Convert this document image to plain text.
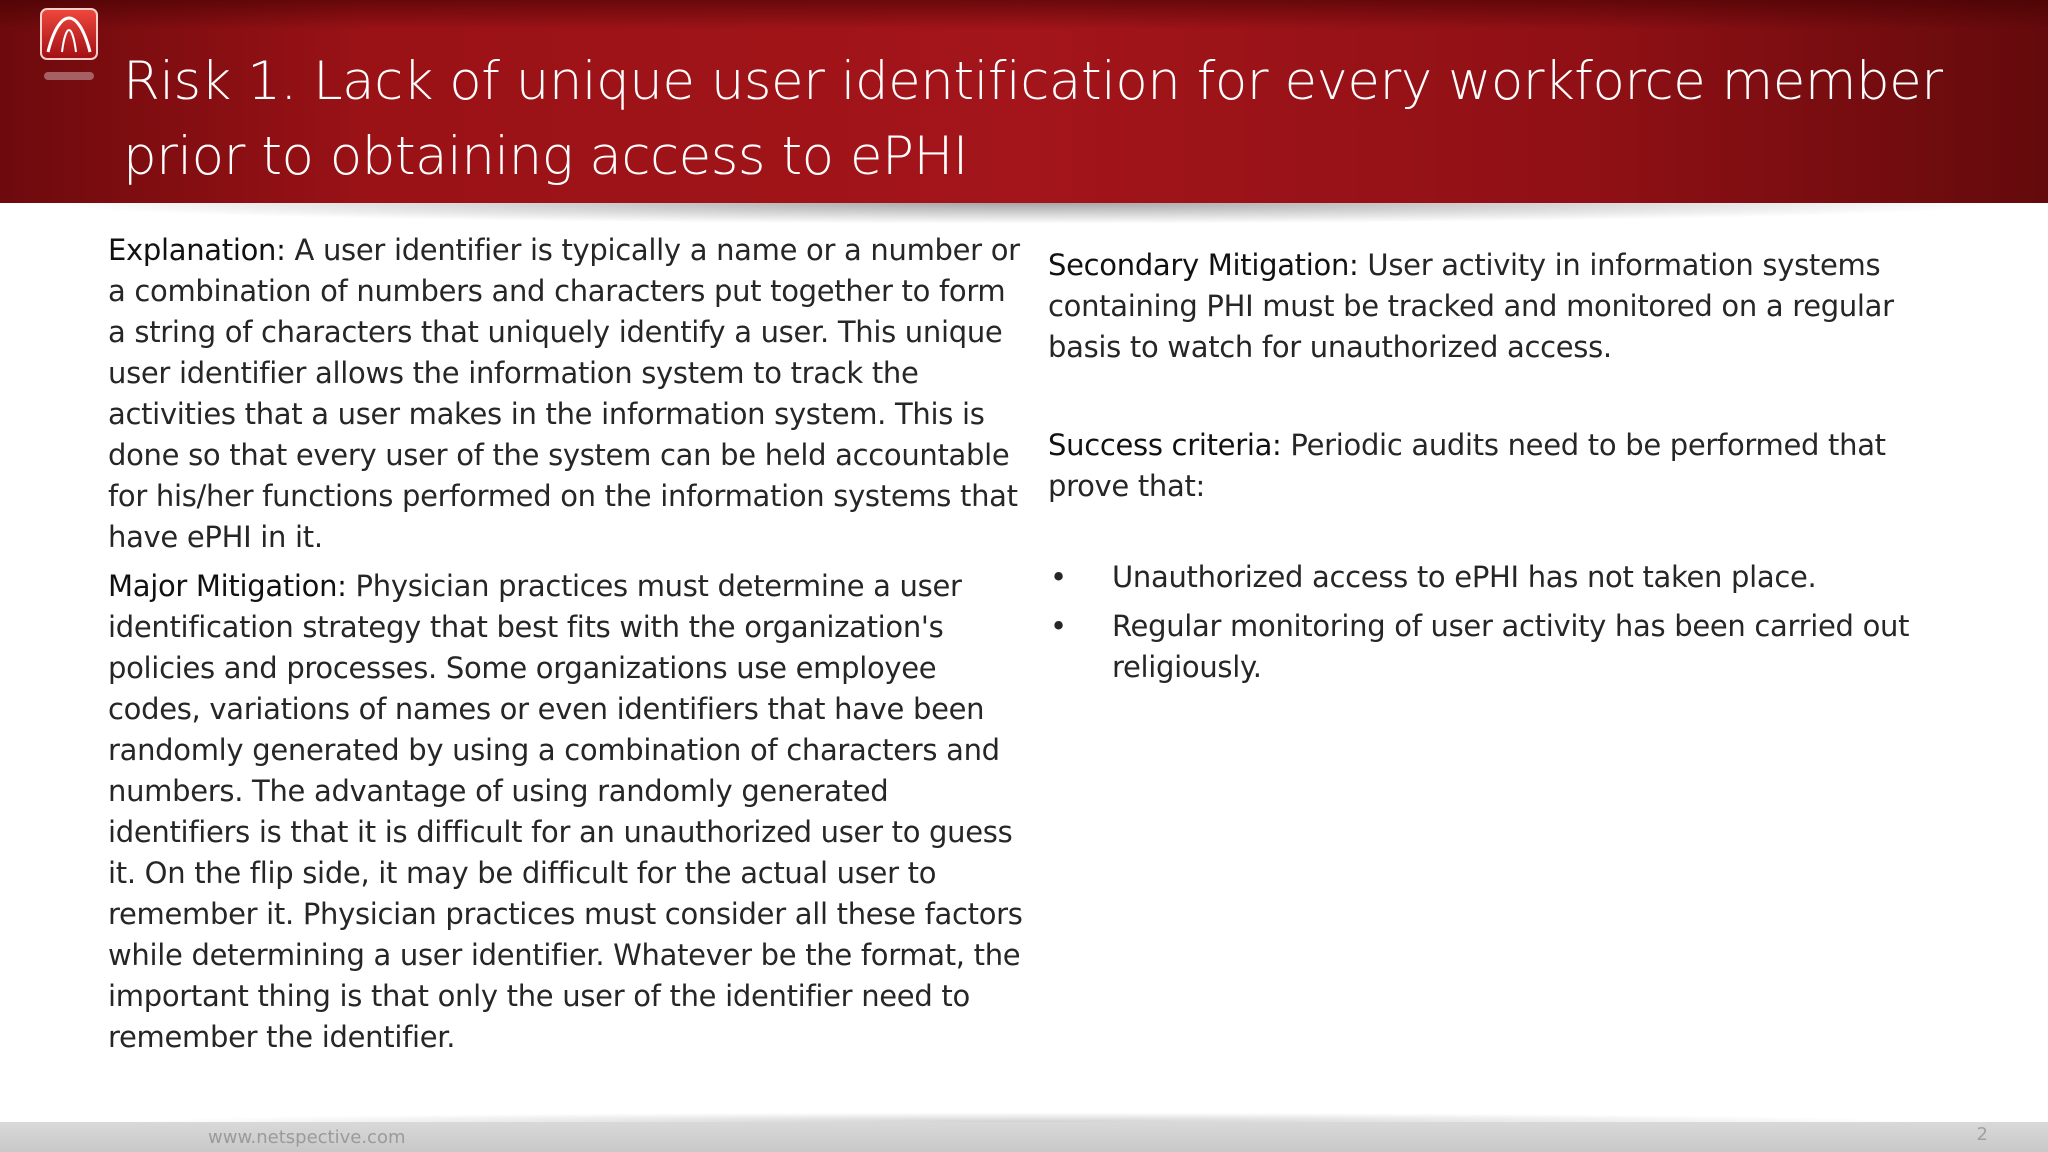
Risk 1. Lack of unique user identification for every workforce member prior to obtaining access to ePHI

Explanation: A user identifier is typically a name or a number or a combination of numbers and characters put together to form a string of characters that uniquely identify a user. This unique user identifier allows the information system to track the activities that a user makes in the information system. This is done so that every user of the system can be held accountable for his/her functions performed on the information systems that have ePHI in it.

Major Mitigation: Physician practices must determine a user identification strategy that best fits with the organization's policies and processes. Some organizations use employee codes, variations of names or even identifiers that have been randomly generated by using a combination of characters and numbers. The advantage of using randomly generated identifiers is that it is difficult for an unauthorized user to guess it. On the flip side, it may be difficult for the actual user to remember it. Physician practices must consider all these factors while determining a user identifier. Whatever be the format, the important thing is that only the user of the identifier need to remember the identifier.

Secondary Mitigation: User activity in information systems containing PHI must be tracked and monitored on a regular basis to watch for unauthorized access.

Success criteria: Periodic audits need to be performed that prove that:

• Unauthorized access to ePHI has not taken place.
• Regular monitoring of user activity has been carried out religiously.
www.netspective.com	2
